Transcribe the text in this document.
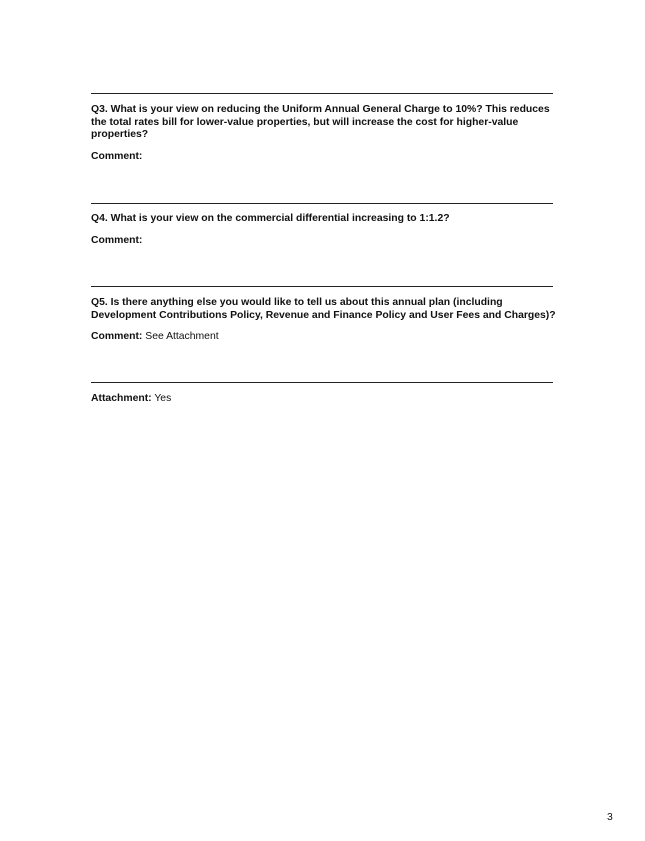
Q3. What is your view on reducing the Uniform Annual General Charge to 10%? This reduces the total rates bill for lower-value properties, but will increase the cost for higher-value properties?
Comment:
Q4. What is your view on the commercial differential increasing to 1:1.2?
Comment:
Q5. Is there anything else you would like to tell us about this annual plan (including Development Contributions Policy, Revenue and Finance Policy and User Fees and Charges)?
Comment: See Attachment
Attachment: Yes
3
